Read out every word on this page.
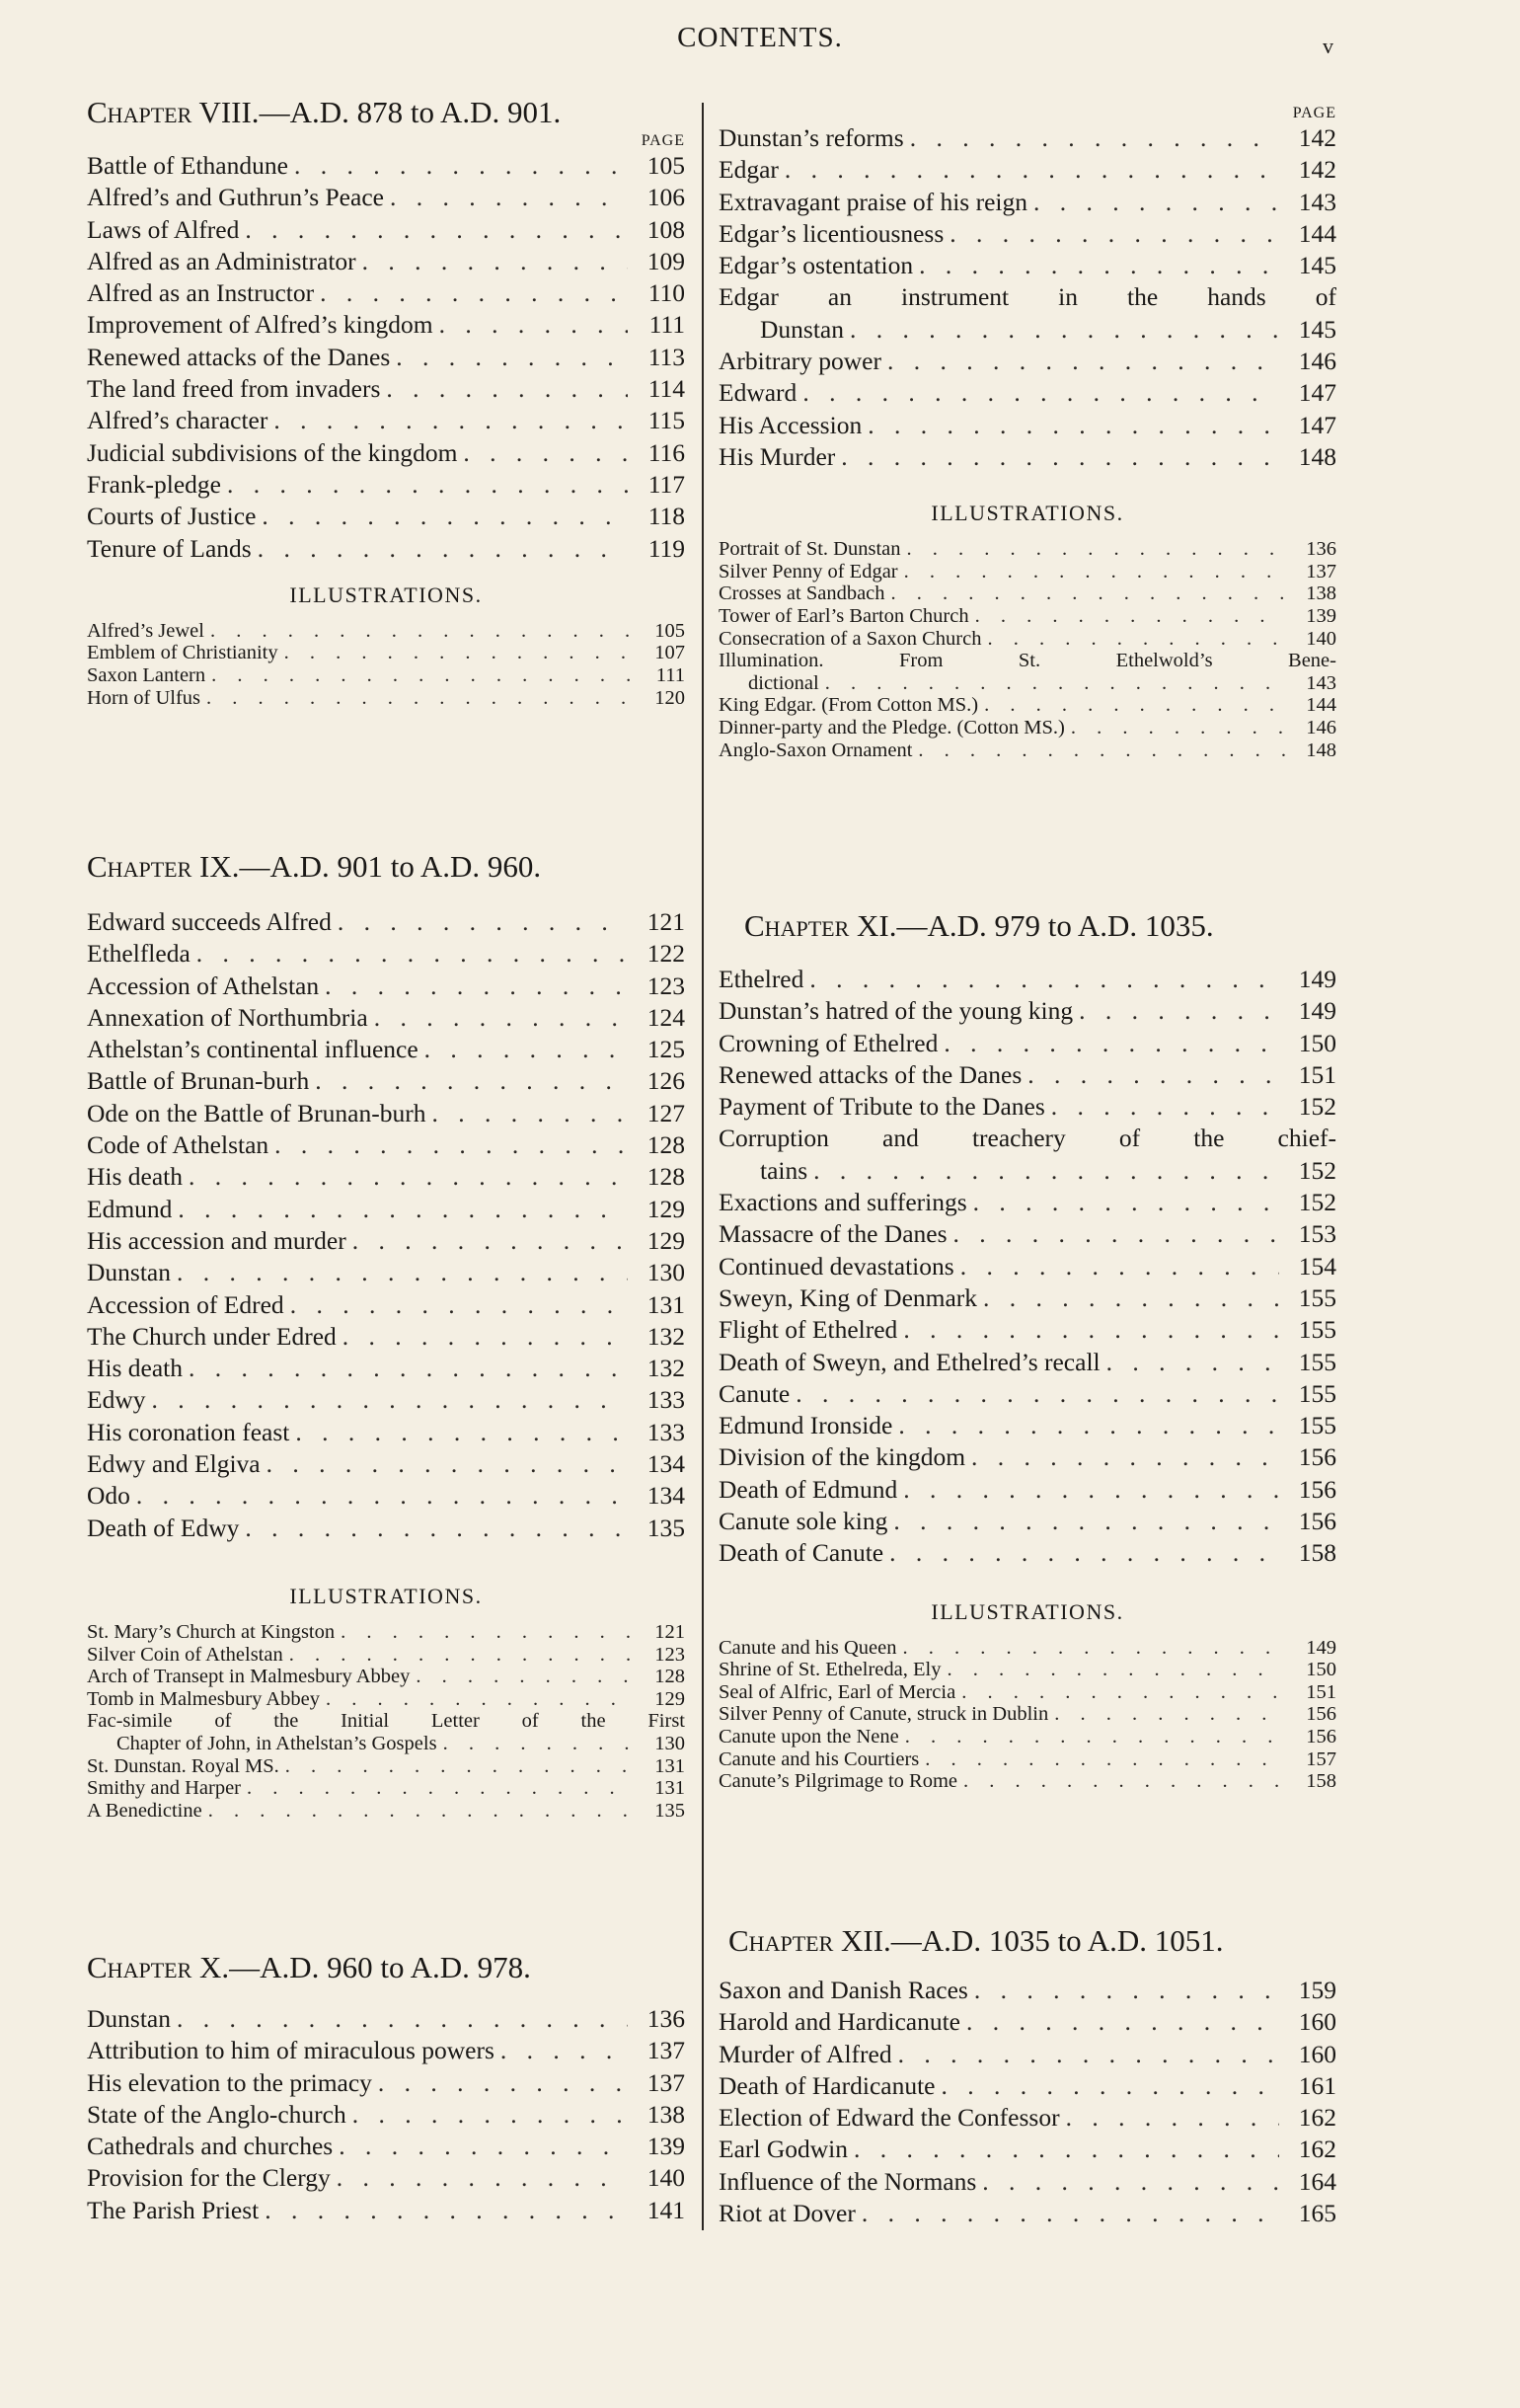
CONTENTS.	v
Chapter VIII.—A.D. 878 to A.D. 901.
PAGE
Battle of Ethandune . . .	105
Alfred’s and Guthrun’s Peace . . .	106
Laws of Alfred . . .	108
Alfred as an Administrator . . .	109
Alfred as an Instructor . . .	110
Improvement of Alfred’s kingdom . . .	111
Renewed attacks of the Danes . . .	113
The land freed from invaders . . .	114
Alfred’s character . . .	115
Judicial subdivisions of the kingdom . . .	116
Frank-pledge . . .	117
Courts of Justice . . .	118
Tenure of Lands . . .	119
ILLUSTRATIONS.
Alfred’s Jewel . . .	105
Emblem of Christianity . . .	107
Saxon Lantern . . .	111
Horn of Ulfus . . .	120
Chapter IX.—A.D. 901 to A.D. 960.
Edward succeeds Alfred . . .	121
Ethelfleda . . .	122
Accession of Athelstan . . .	123
Annexation of Northumbria . . .	124
Athelstan’s continental influence . . .	125
Battle of Brunan-burh . . .	126
Ode on the Battle of Brunan-burh . . .	127
Code of Athelstan . . .	128
His death . . .	128
Edmund . . .	129
His accession and murder . . .	129
Dunstan . . .	130
Accession of Edred . . .	131
The Church under Edred . . .	132
His death . . .	132
Edwy . . .	133
His coronation feast . . .	133
Edwy and Elgiva . . .	134
Odo . . .	134
Death of Edwy . . .	135
ILLUSTRATIONS.
St. Mary’s Church at Kingston . . .	121
Silver Coin of Athelstan . . .	123
Arch of Transept in Malmesbury Abbey . . .	128
Tomb in Malmesbury Abbey . . .	129
Fac-simile of the Initial Letter of the First
Chapter of John, in Athelstan’s Gospels . . .	130
St. Dunstan. Royal MS. . . .	131
Smithy and Harper . . .	131
A Benedictine . . .	135
Chapter X.—A.D. 960 to A.D. 978.
Dunstan . . .	136
Attribution to him of miraculous powers . . .	137
His elevation to the primacy . . .	137
State of the Anglo-church . . .	138
Cathedrals and churches . . .	139
Provision for the Clergy . . .	140
The Parish Priest . . .	141
PAGE
Dunstan’s reforms . . .	142
Edgar . . .	142
Extravagant praise of his reign . . .	143
Edgar’s licentiousness . . .	144
Edgar’s ostentation . . .	145
Edgar an instrument in the hands of
Dunstan . . .	145
Arbitrary power . . .	146
Edward . . .	147
His Accession . . .	147
His Murder . . .	148
ILLUSTRATIONS.
Portrait of St. Dunstan . . .	136
Silver Penny of Edgar . . .	137
Crosses at Sandbach . . .	138
Tower of Earl’s Barton Church . . .	139
Consecration of a Saxon Church . . .	140
Illumination. From St. Ethelwold’s Bene-
dictional . . .	143
King Edgar. (From Cotton MS.) . . .	144
Dinner-party and the Pledge. (Cotton MS.) . . .	146
Anglo-Saxon Ornament . . .	148
Chapter XI.—A.D. 979 to A.D. 1035.
Ethelred . . .	149
Dunstan’s hatred of the young king . . .	149
Crowning of Ethelred . . .	150
Renewed attacks of the Danes . . .	151
Payment of Tribute to the Danes . . .	152
Corruption and treachery of the chief-
tains . . .	152
Exactions and sufferings . . .	152
Massacre of the Danes . . .	153
Continued devastations . . .	154
Sweyn, King of Denmark . . .	155
Flight of Ethelred . . .	155
Death of Sweyn, and Ethelred’s recall . . .	155
Canute . . .	155
Edmund Ironside . . .	155
Division of the kingdom . . .	156
Death of Edmund . . .	156
Canute sole king . . .	156
Death of Canute . . .	158
ILLUSTRATIONS.
Canute and his Queen . . .	149
Shrine of St. Ethelreda, Ely . . .	150
Seal of Alfric, Earl of Mercia . . .	151
Silver Penny of Canute, struck in Dublin . . .	156
Canute upon the Nene . . .	156
Canute and his Courtiers . . .	157
Canute’s Pilgrimage to Rome . . .	158
Chapter XII.—A.D. 1035 to A.D. 1051.
Saxon and Danish Races . . .	159
Harold and Hardicanute . . .	160
Murder of Alfred . . .	160
Death of Hardicanute . . .	161
Election of Edward the Confessor . . .	162
Earl Godwin . . .	162
Influence of the Normans . . .	164
Riot at Dover . . .	165
